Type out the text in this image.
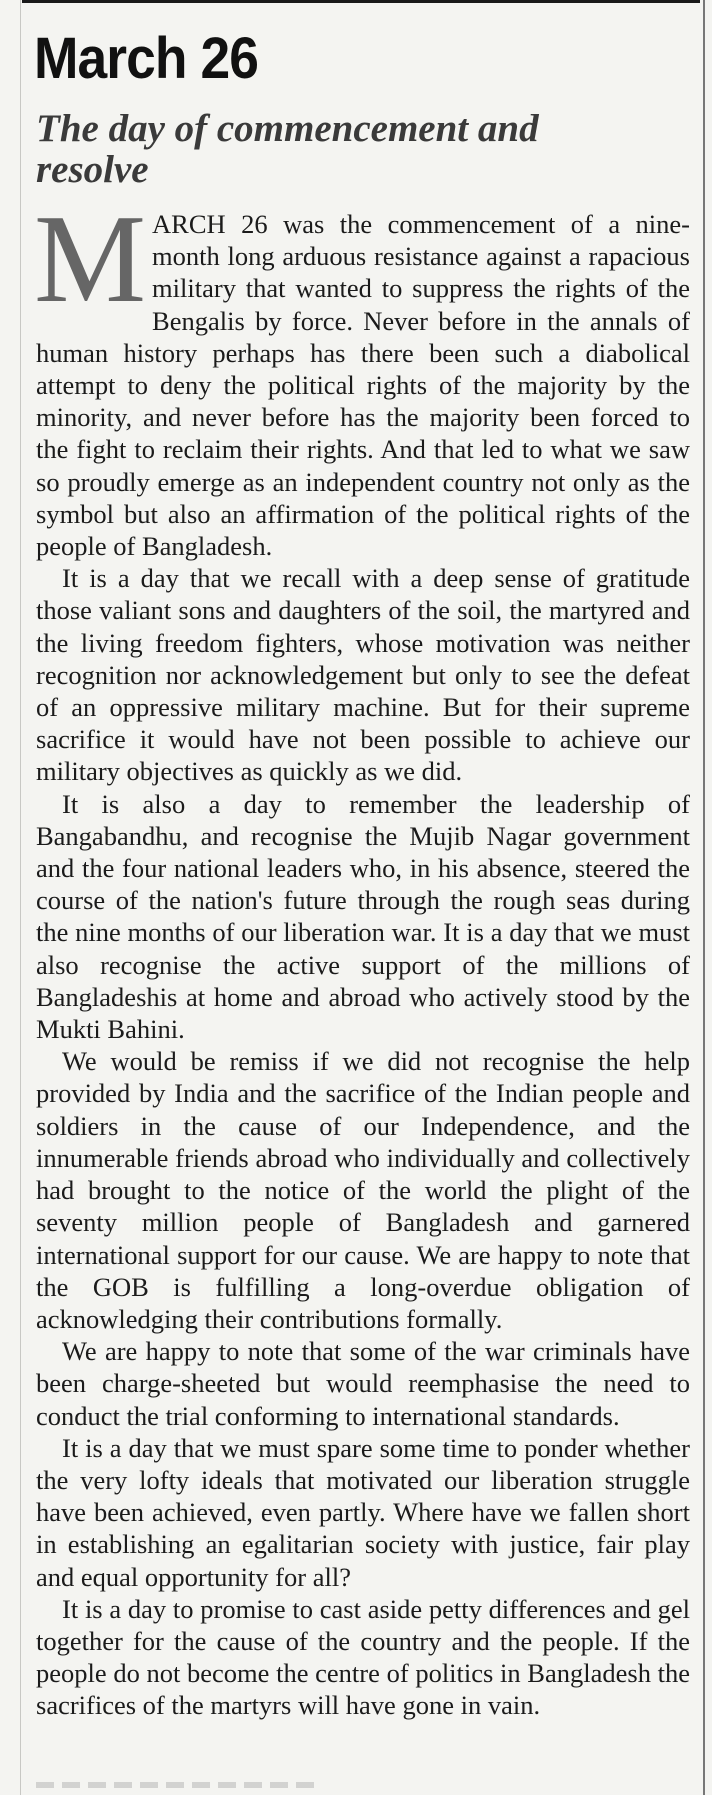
March 26
The day of commencement and resolve

MARCH 26 was the commencement of a nine-month long arduous resistance against a rapacious military that wanted to suppress the rights of the Bengalis by force. Never before in the annals of human history perhaps has there been such a diabolical attempt to deny the political rights of the majority by the minority, and never before has the majority been forced to the fight to reclaim their rights. And that led to what we saw so proudly emerge as an independent country not only as the symbol but also an affirmation of the political rights of the people of Bangladesh.

It is a day that we recall with a deep sense of gratitude those valiant sons and daughters of the soil, the martyred and the living freedom fighters, whose motivation was neither recognition nor acknowledgement but only to see the defeat of an oppressive military machine. But for their supreme sacrifice it would have not been possible to achieve our military objectives as quickly as we did.

It is also a day to remember the leadership of Bangabandhu, and recognise the Mujib Nagar government and the four national leaders who, in his absence, steered the course of the nation's future through the rough seas during the nine months of our liberation war. It is a day that we must also recognise the active support of the millions of Bangladeshis at home and abroad who actively stood by the Mukti Bahini.

We would be remiss if we did not recognise the help provided by India and the sacrifice of the Indian people and soldiers in the cause of our Independence, and the innumerable friends abroad who individually and collectively had brought to the notice of the world the plight of the seventy million people of Bangladesh and garnered international support for our cause. We are happy to note that the GOB is fulfilling a long-overdue obligation of acknowledging their contributions formally.

We are happy to note that some of the war criminals have been charge-sheeted but would reemphasise the need to conduct the trial conforming to international standards.

It is a day that we must spare some time to ponder whether the very lofty ideals that motivated our liberation struggle have been achieved, even partly. Where have we fallen short in establishing an egalitarian society with justice, fair play and equal opportunity for all?

It is a day to promise to cast aside petty differences and gel together for the cause of the country and the people. If the people do not become the centre of politics in Bangladesh the sacrifices of the martyrs will have gone in vain.
